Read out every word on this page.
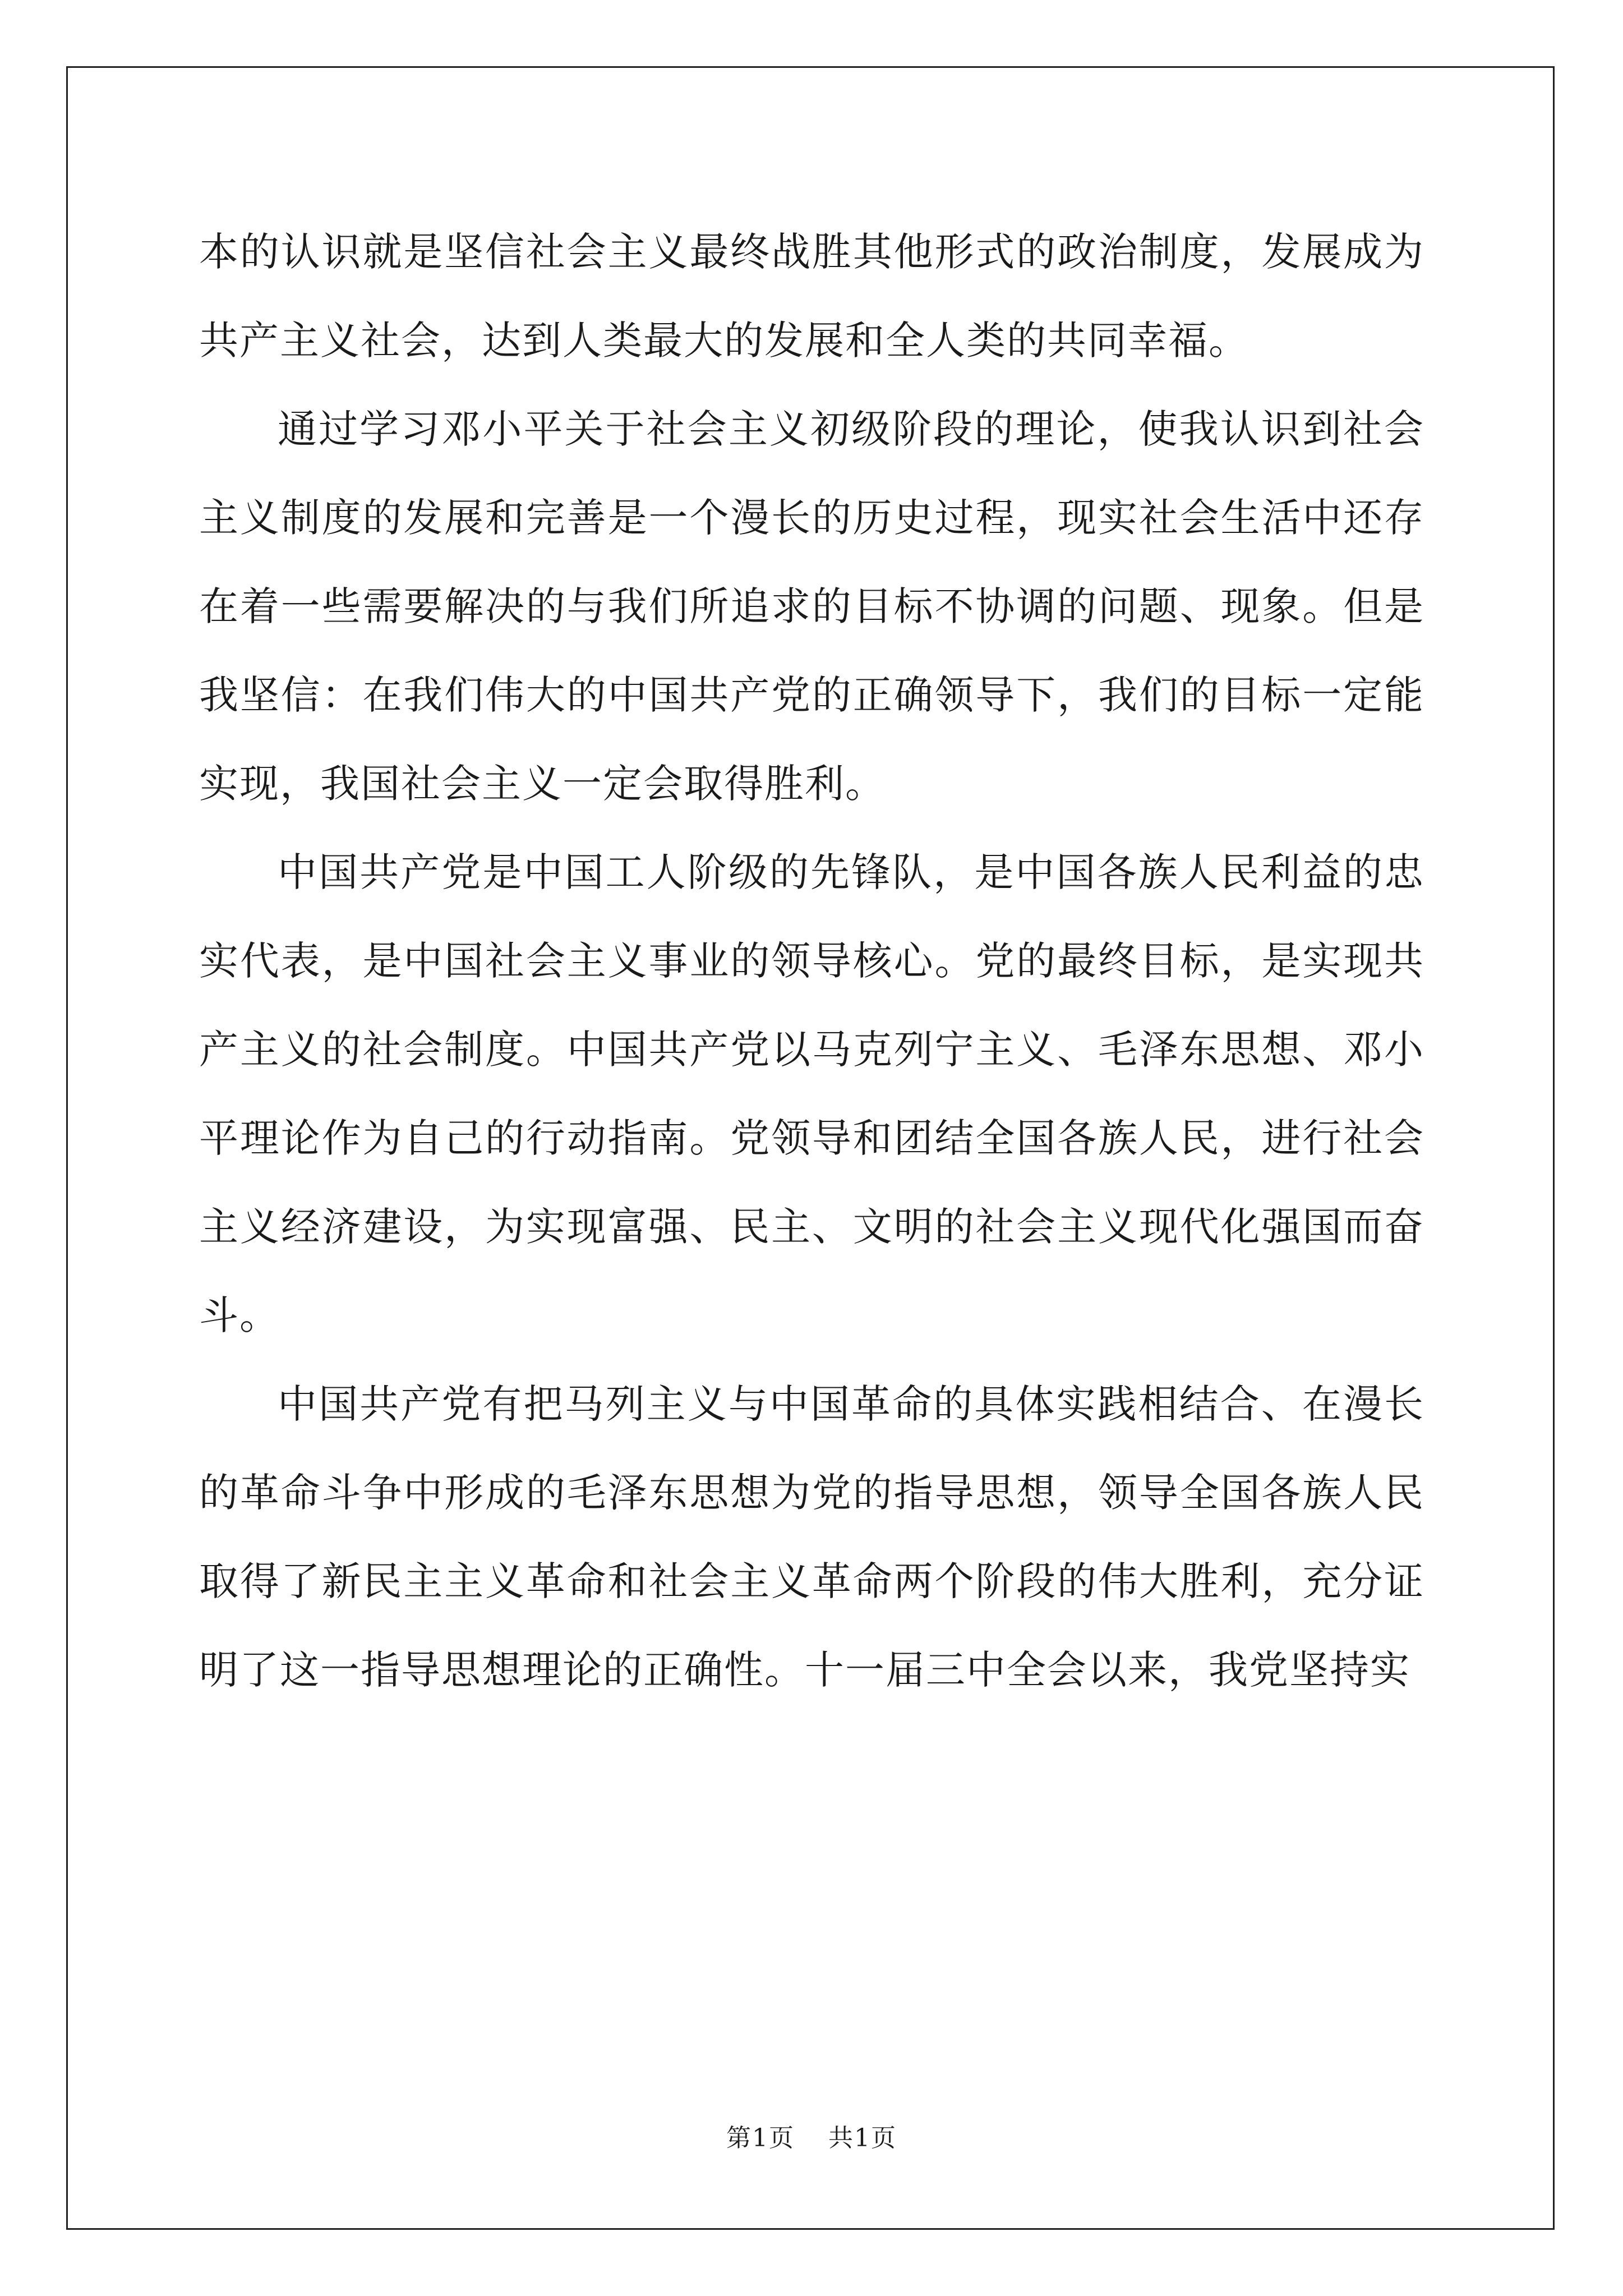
本的认识就是坚信社会主义最终战胜其他形式的政治制度，发展成为共产主义社会，达到人类最大的发展和全人类的共同幸福。

通过学习邓小平关于社会主义初级阶段的理论，使我认识到社会主义制度的发展和完善是一个漫长的历史过程，现实社会生活中还存在着一些需要解决的与我们所追求的目标不协调的问题、现象。但是我坚信：在我们伟大的中国共产党的正确领导下，我们的目标一定能实现，我国社会主义一定会取得胜利。

中国共产党是中国工人阶级的先锋队，是中国各族人民利益的忠实代表，是中国社会主义事业的领导核心。党的最终目标，是实现共产主义的社会制度。中国共产党以马克列宁主义、毛泽东思想、邓小平理论作为自己的行动指南。党领导和团结全国各族人民，进行社会主义经济建设，为实现富强、民主、文明的社会主义现代化强国而奋斗。

中国共产党有把马列主义与中国革命的具体实践相结合、在漫长的革命斗争中形成的毛泽东思想为党的指导思想，领导全国各族人民取得了新民主主义革命和社会主义革命两个阶段的伟大胜利，充分证明了这一指导思想理论的正确性。十一届三中全会以来，我党坚持实

第1页 共1页
